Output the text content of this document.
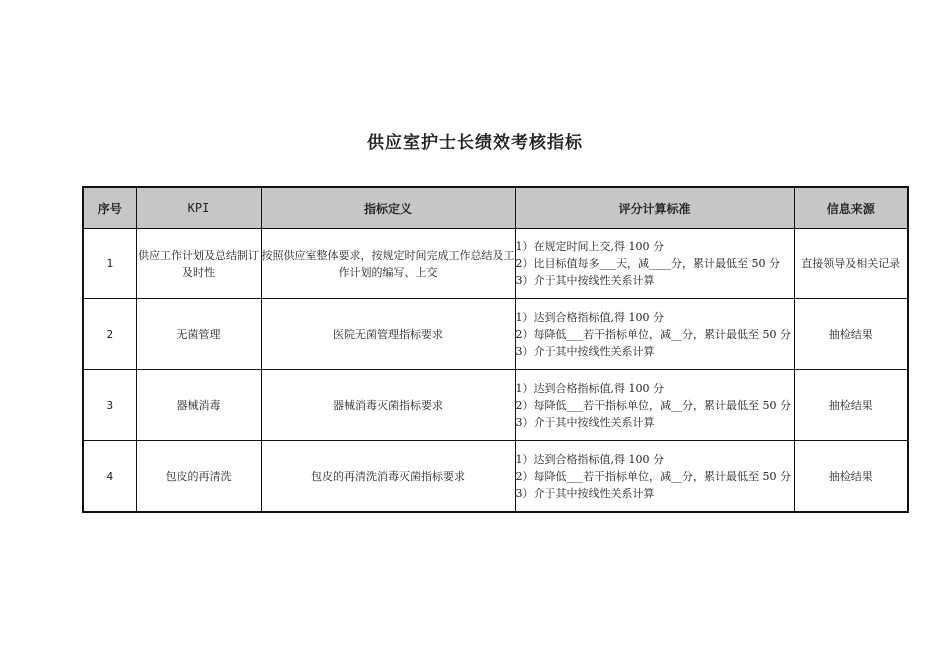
供应室护士长绩效考核指标
序号	KPI	指标定义	评分计算标准	信息来源
1	供应工作计划及总结制订及时性	按照供应室整体要求，按规定时间完成工作总结及工作计划的编写、上交	1）在规定时间上交,得 100 分
2）比目标值每多___天，减____分，累计最低至 50 分
3）介于其中按线性关系计算	直接领导及相关记录
2	无菌管理	医院无菌管理指标要求	1）达到合格指标值,得 100 分
2）每降低___若干指标单位，减__分，累计最低至 50 分
3）介于其中按线性关系计算	抽检结果
3	器械消毒	器械消毒灭菌指标要求	1）达到合格指标值,得 100 分
2）每降低___若干指标单位，减__分，累计最低至 50 分
3）介于其中按线性关系计算	抽检结果
4	包皮的再清洗	包皮的再清洗消毒灭菌指标要求	1）达到合格指标值,得 100 分
2）每降低___若干指标单位，减__分，累计最低至 50 分
3）介于其中按线性关系计算	抽检结果
